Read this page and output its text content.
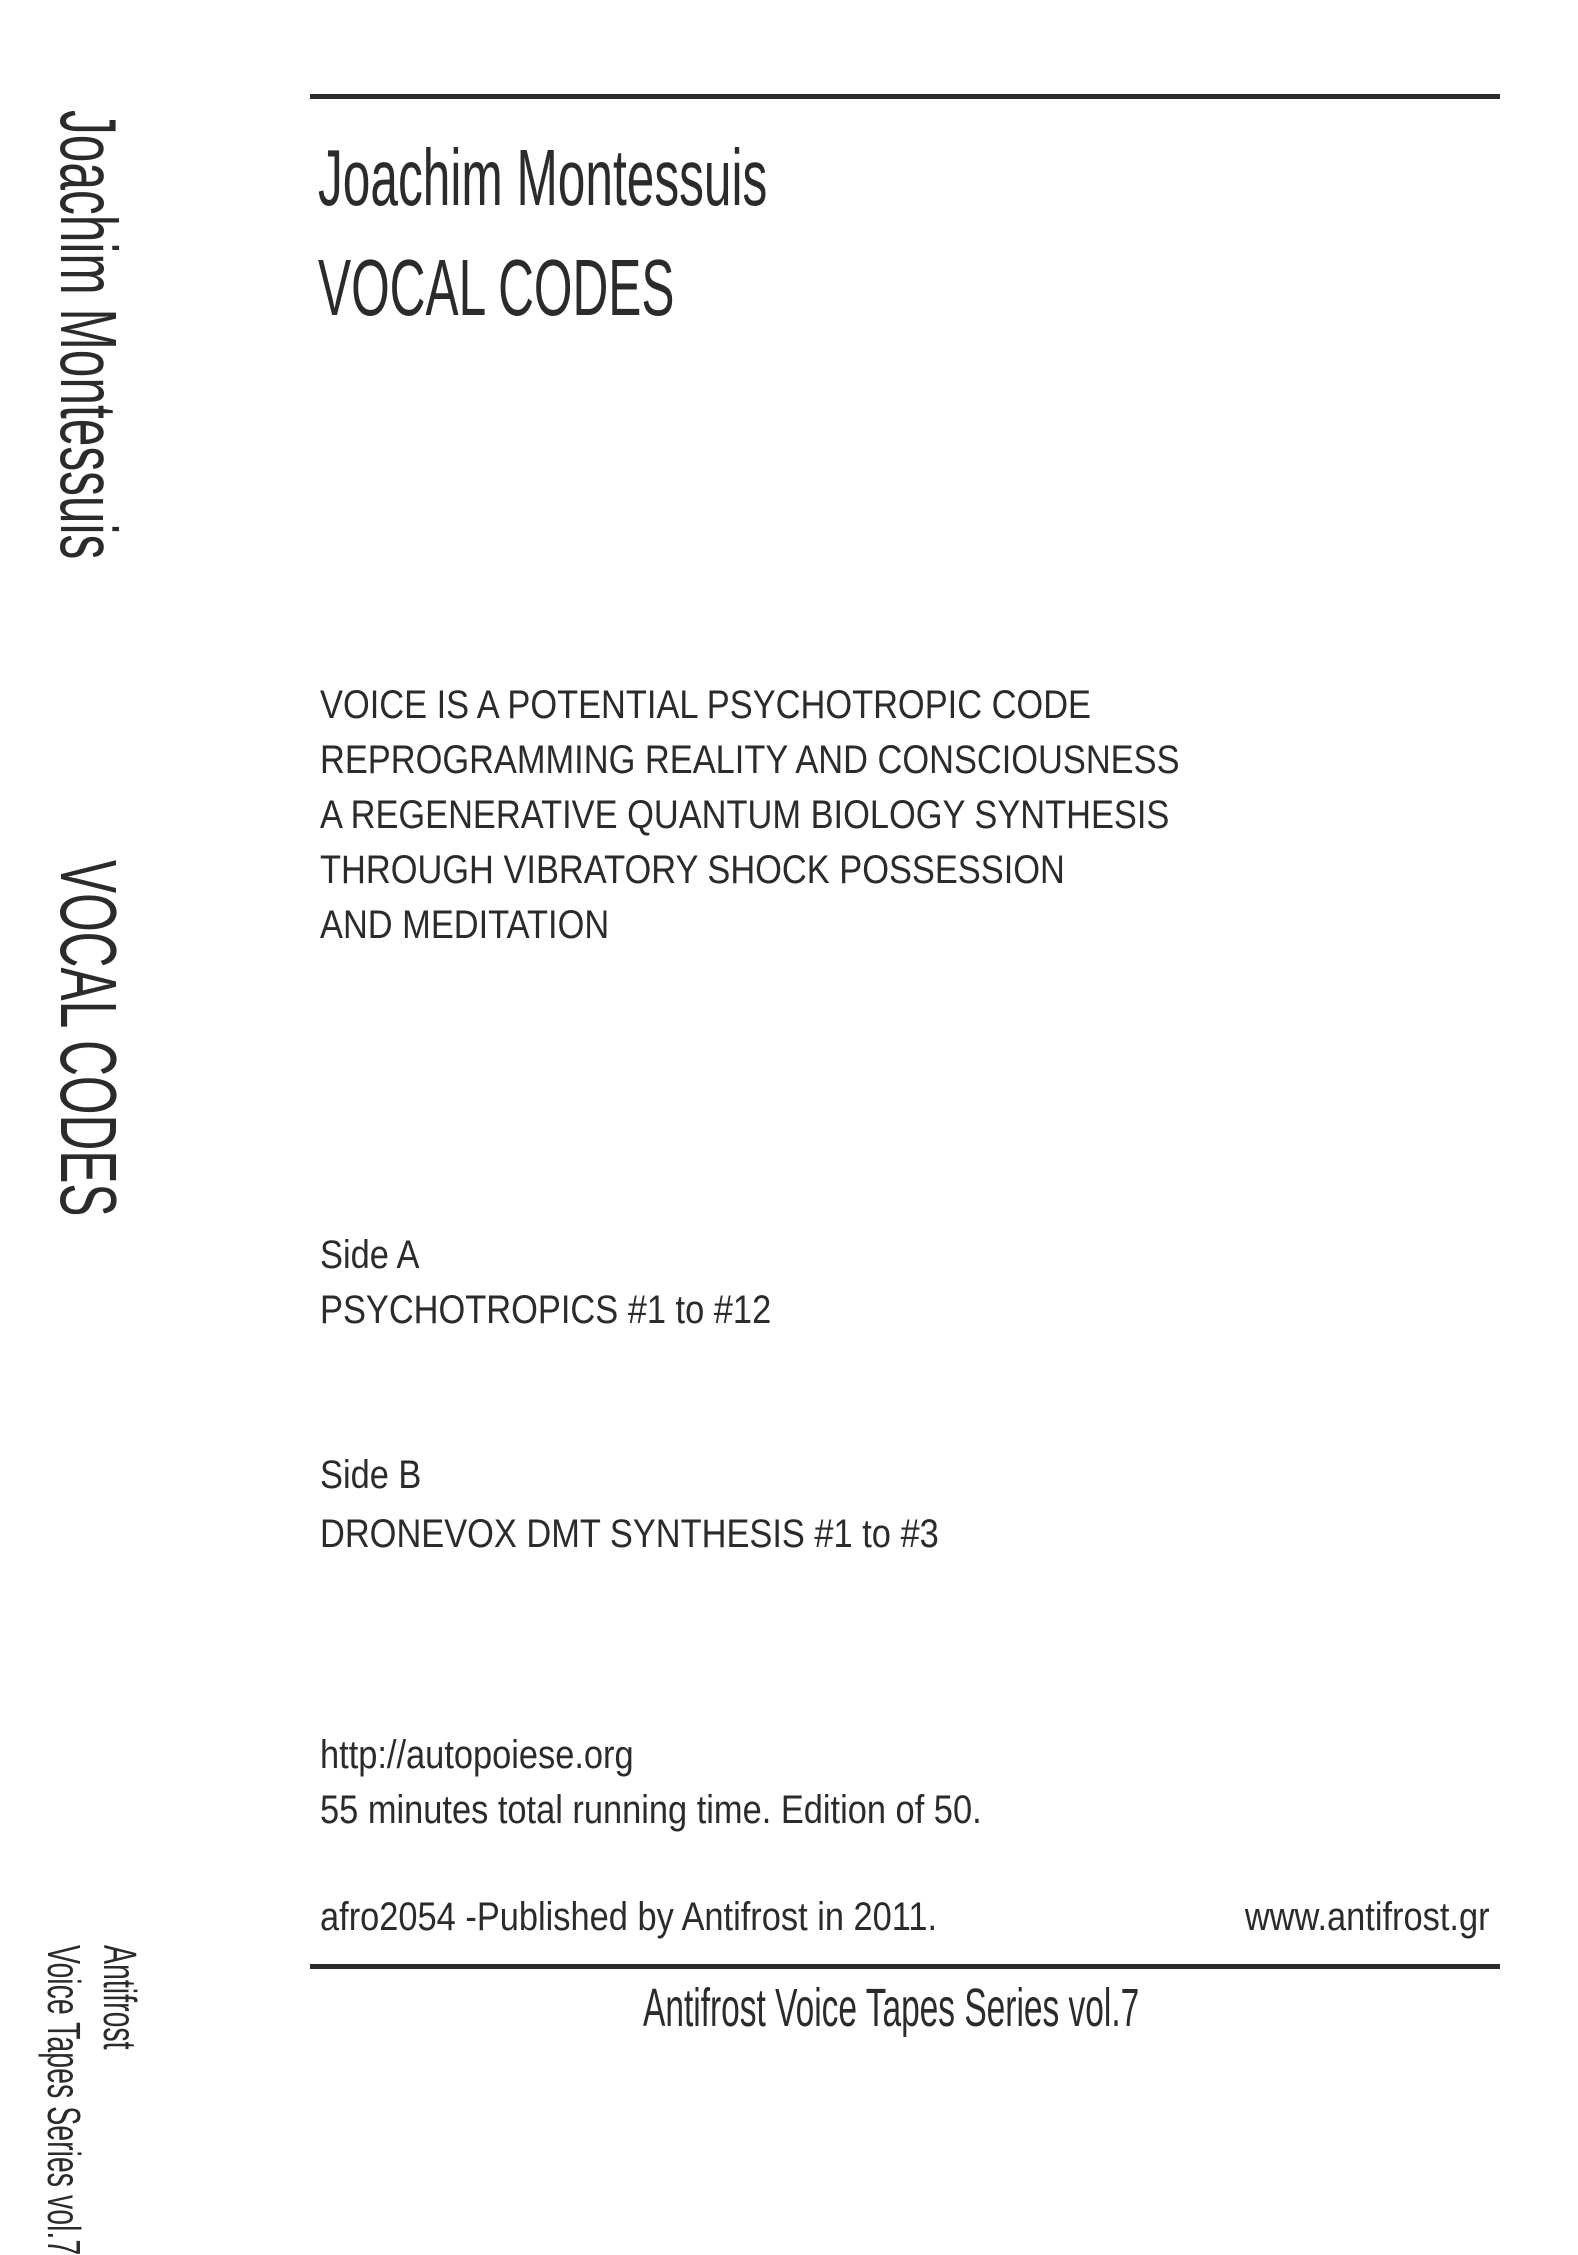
Joachim Montessuis
VOCAL CODES
Antifrost
Voice Tapes Series vol.7
Joachim Montessuis
VOCAL CODES
VOICE IS A POTENTIAL PSYCHOTROPIC CODE
REPROGRAMMING REALITY AND CONSCIOUSNESS
A REGENERATIVE QUANTUM BIOLOGY SYNTHESIS
THROUGH VIBRATORY SHOCK POSSESSION
AND MEDITATION
Side A
PSYCHOTROPICS #1 to #12
Side B
DRONEVOX DMT SYNTHESIS #1 to #3
http://autopoiese.org
55 minutes total running time. Edition of 50.
afro2054 -Published by Antifrost in 2011.	www.antifrost.gr
Antifrost Voice Tapes Series vol.7
